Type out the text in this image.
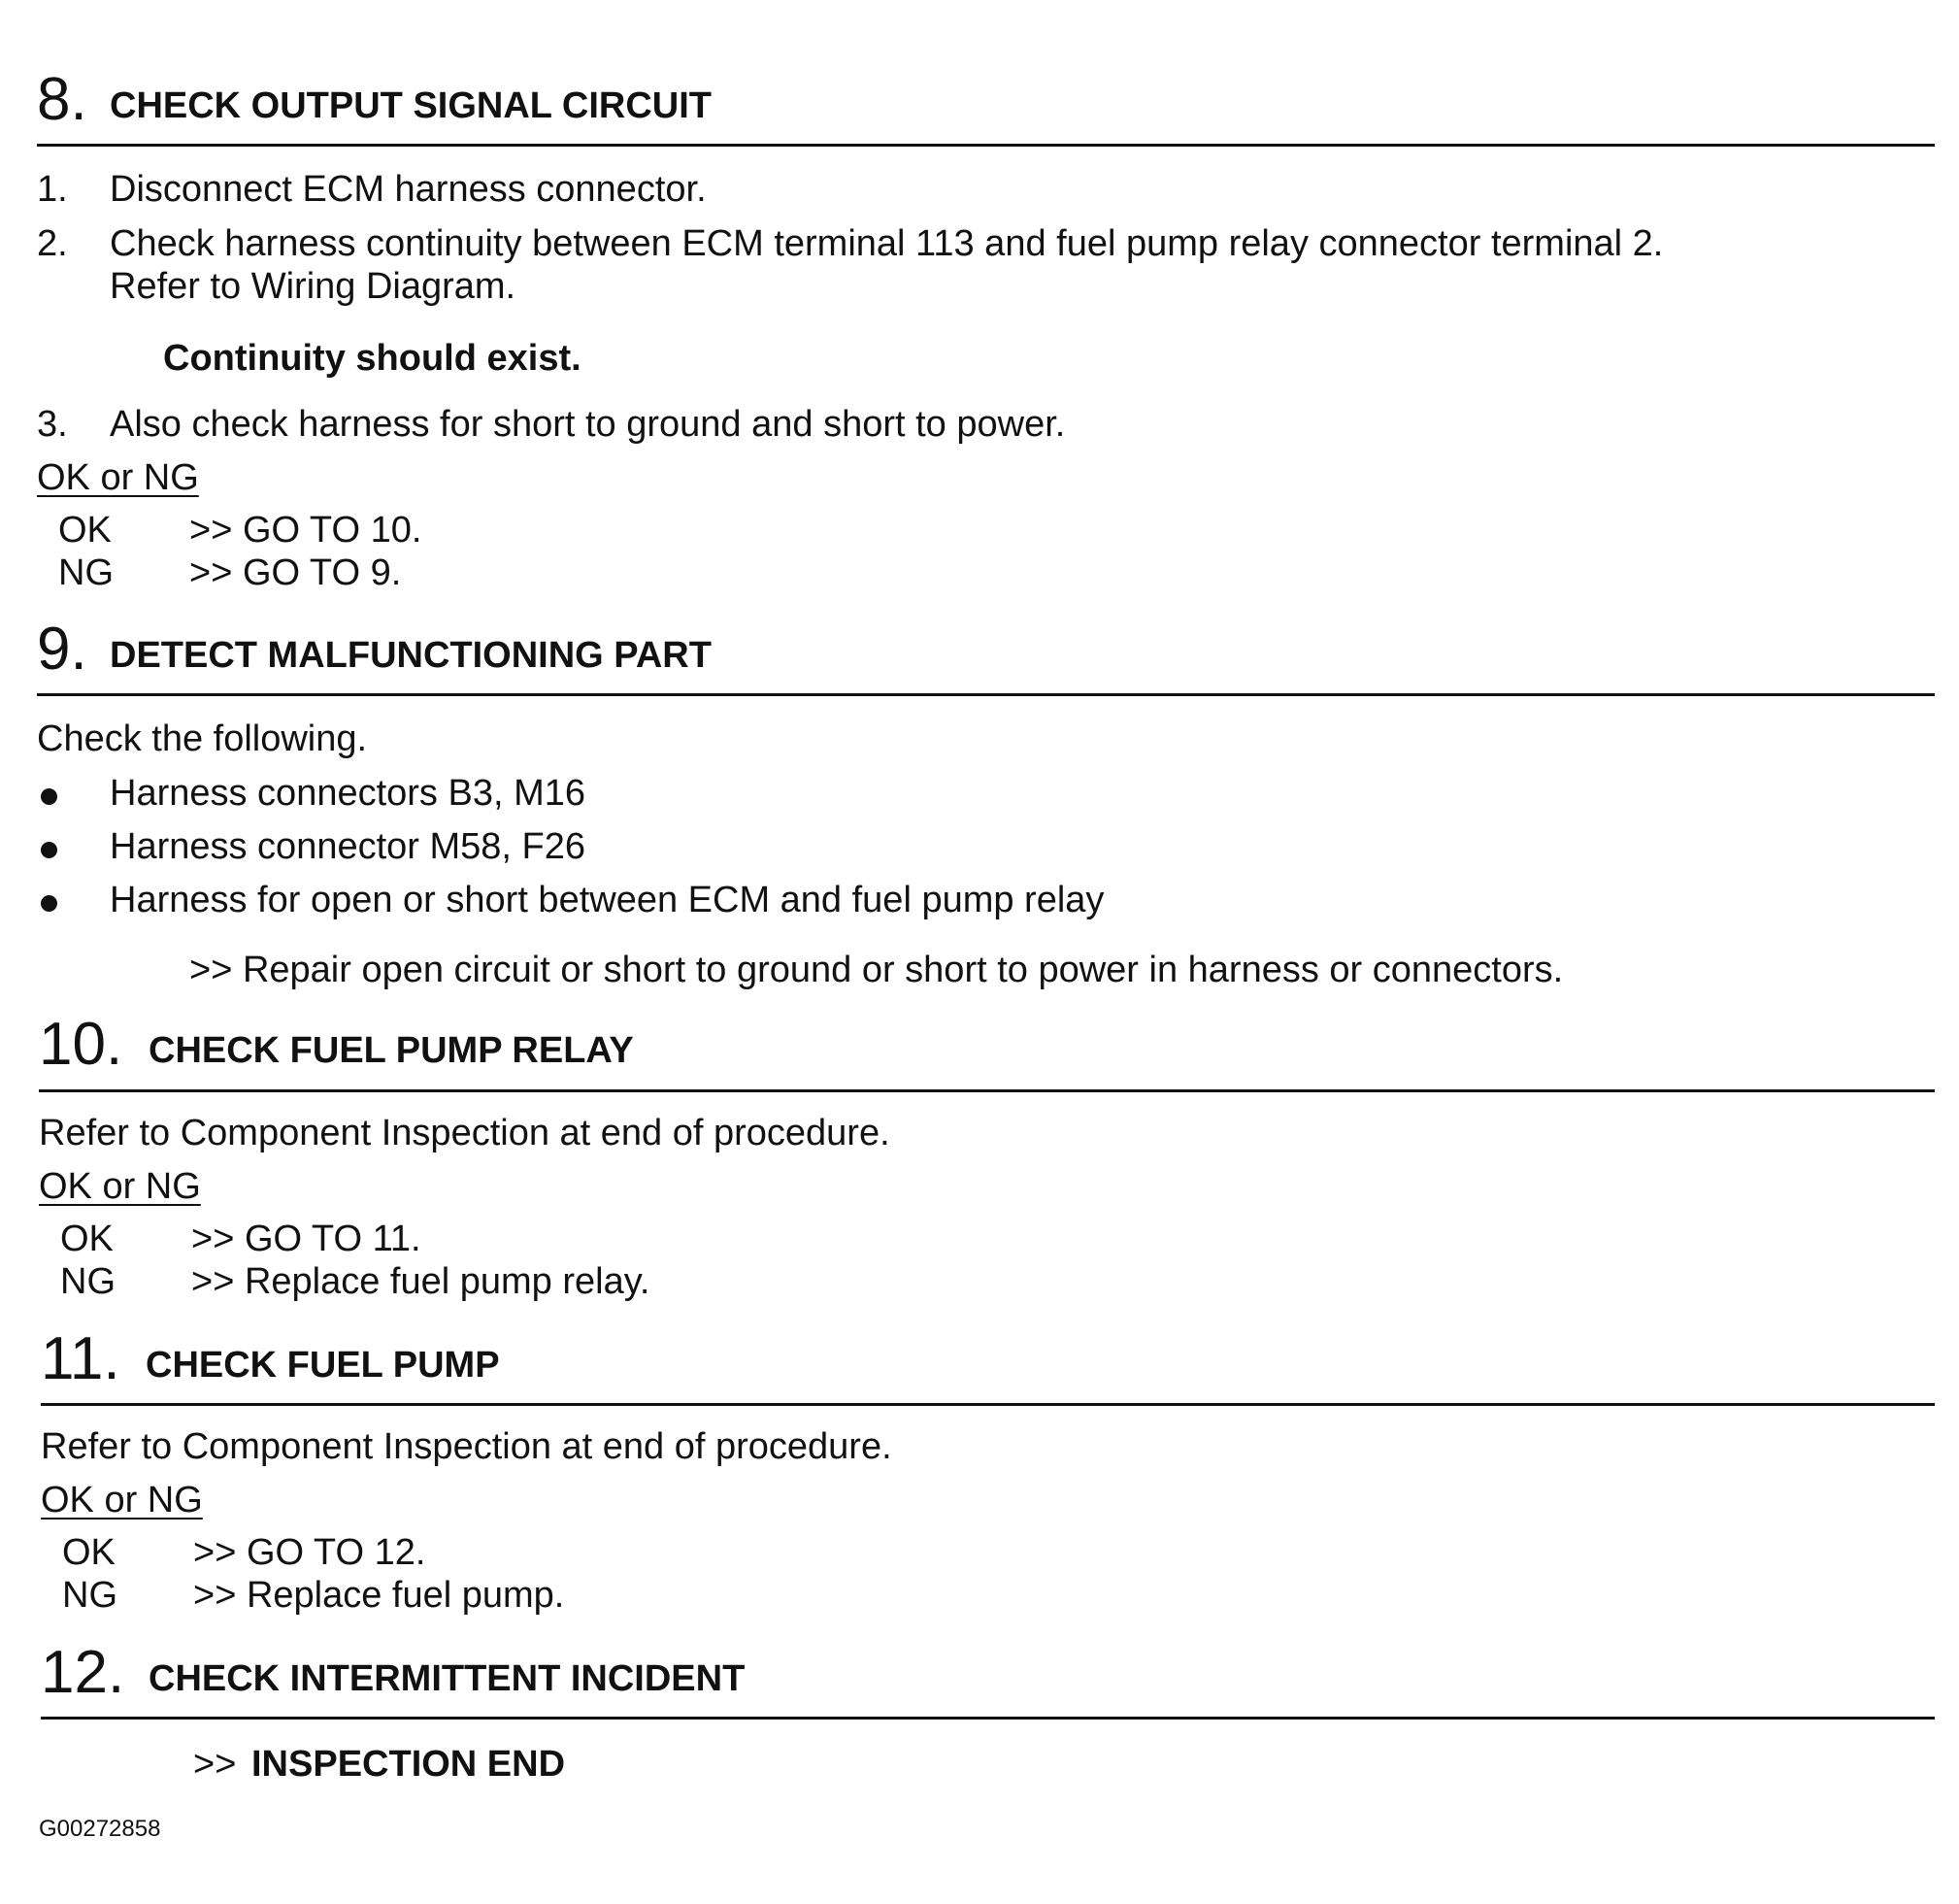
8. CHECK OUTPUT SIGNAL CIRCUIT
1. Disconnect ECM harness connector.
2. Check harness continuity between ECM terminal 113 and fuel pump relay connector terminal 2.
Refer to Wiring Diagram.
Continuity should exist.
3. Also check harness for short to ground and short to power.
OK or NG
OK >> GO TO 10.
NG >> GO TO 9.
9. DETECT MALFUNCTIONING PART
Check the following.
Harness connectors B3, M16
Harness connector M58, F26
Harness for open or short between ECM and fuel pump relay
>> Repair open circuit or short to ground or short to power in harness or connectors.
10. CHECK FUEL PUMP RELAY
Refer to Component Inspection at end of procedure.
OK or NG
OK >> GO TO 11.
NG >> Replace fuel pump relay.
11. CHECK FUEL PUMP
Refer to Component Inspection at end of procedure.
OK or NG
OK >> GO TO 12.
NG >> Replace fuel pump.
12. CHECK INTERMITTENT INCIDENT
>> INSPECTION END
G00272858
